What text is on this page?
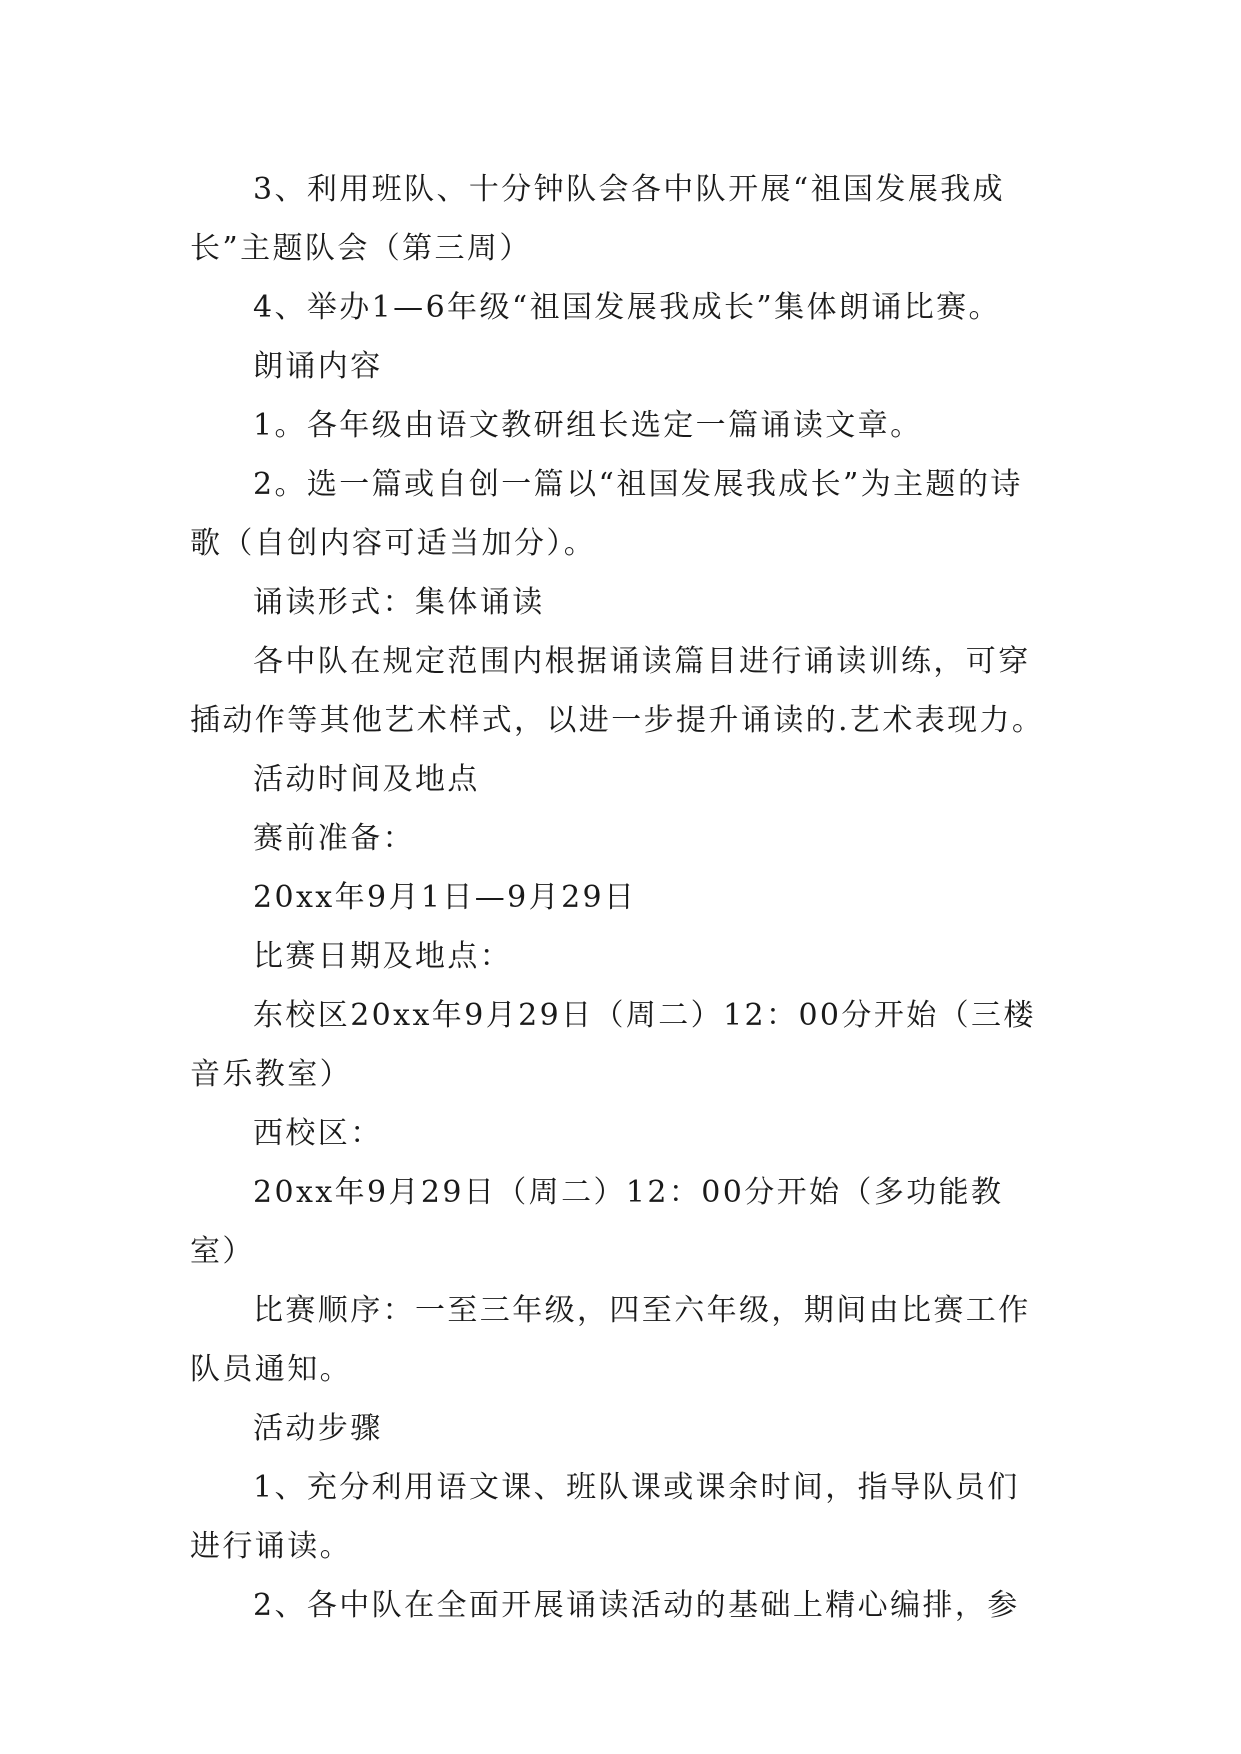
3、利用班队、十分钟队会各中队开展“祖国发展我成长”主题队会（第三周）

4、举办1—6年级“祖国发展我成长”集体朗诵比赛。

朗诵内容

1。各年级由语文教研组长选定一篇诵读文章。

2。选一篇或自创一篇以“祖国发展我成长”为主题的诗歌（自创内容可适当加分）。

诵读形式：集体诵读

各中队在规定范围内根据诵读篇目进行诵读训练，可穿插动作等其他艺术样式，以进一步提升诵读的.艺术表现力。

活动时间及地点

赛前准备：

20xx年9月1日—9月29日

比赛日期及地点：

东校区20xx年9月29日（周二）12：00分开始（三楼音乐教室）

西校区：

20xx年9月29日（周二）12：00分开始（多功能教室）

比赛顺序：一至三年级，四至六年级，期间由比赛工作队员通知。

活动步骤

1、充分利用语文课、班队课或课余时间，指导队员们进行诵读。

2、各中队在全面开展诵读活动的基础上精心编排，参
